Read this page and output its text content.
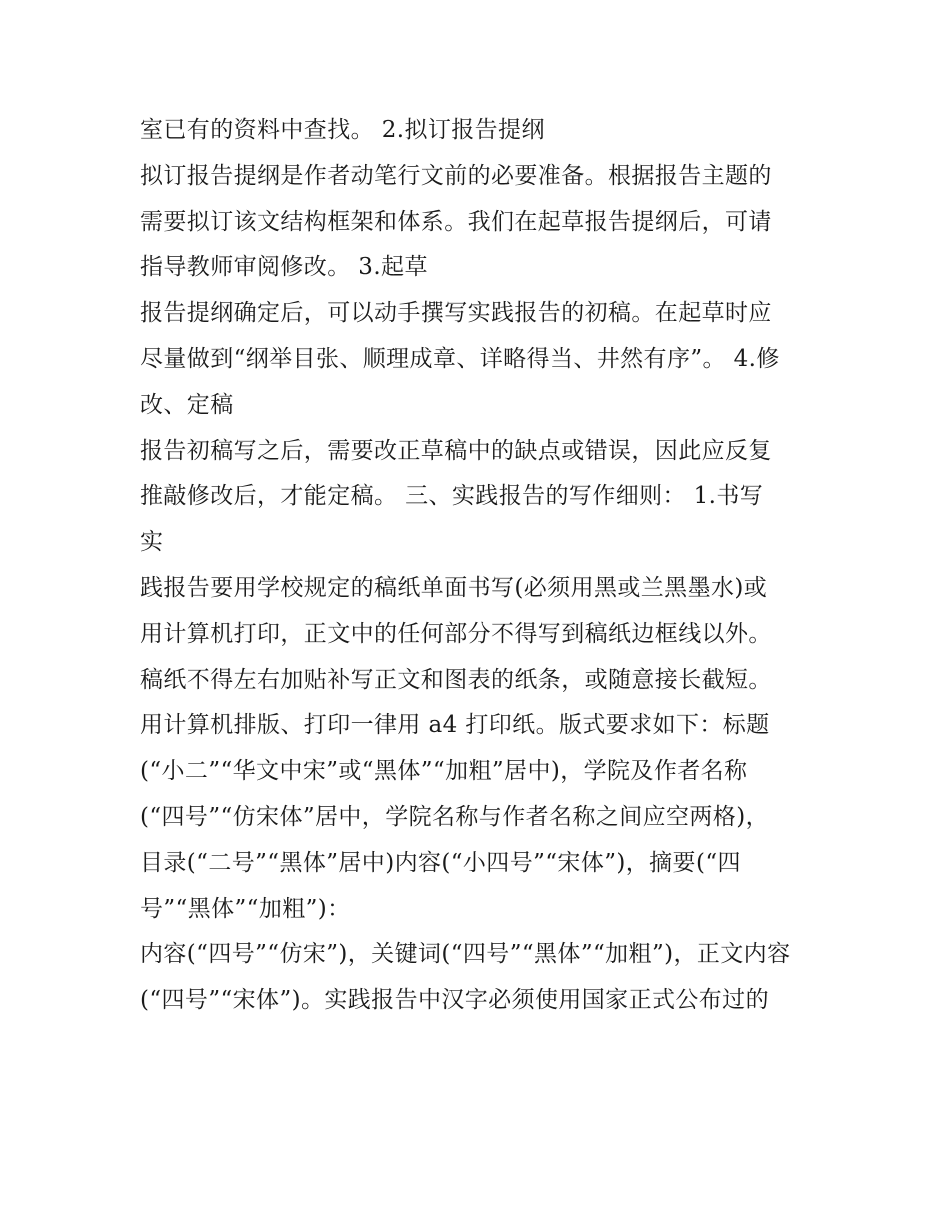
室已有的资料中查找。 2.拟订报告提纲
拟订报告提纲是作者动笔行文前的必要准备。根据报告主题的
需要拟订该文结构框架和体系。我们在起草报告提纲后，可请
指导教师审阅修改。 3.起草
报告提纲确定后，可以动手撰写实践报告的初稿。在起草时应
尽量做到“纲举目张、顺理成章、详略得当、井然有序”。 4.修
改、定稿
报告初稿写之后，需要改正草稿中的缺点或错误，因此应反复
推敲修改后，才能定稿。 三、实践报告的写作细则： 1.书写
实
践报告要用学校规定的稿纸单面书写(必须用黑或兰黑墨水)或
用计算机打印，正文中的任何部分不得写到稿纸边框线以外。
稿纸不得左右加贴补写正文和图表的纸条，或随意接长截短。
用计算机排版、打印一律用 a4 打印纸。版式要求如下：标题
(“小二”“华文中宋”或“黑体”“加粗”居中)，学院及作者名称
(“四号”“仿宋体”居中，学院名称与作者名称之间应空两格)，
目录(“二号”“黑体”居中)内容(“小四号”“宋体”)，摘要(“四
号”“黑体”“加粗”)：
内容(“四号”“仿宋”)，关键词(“四号”“黑体”“加粗”)，正文内容
(“四号”“宋体”)。实践报告中汉字必须使用国家正式公布过的
